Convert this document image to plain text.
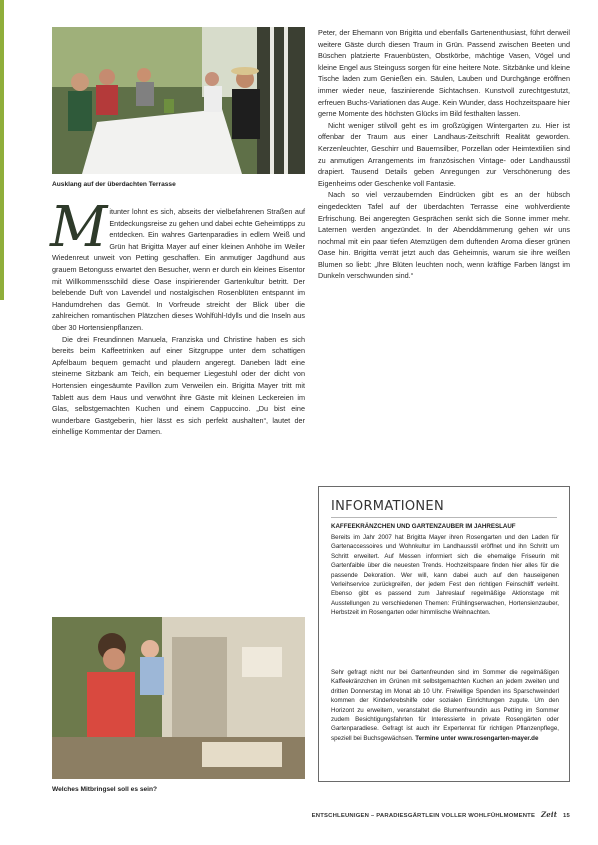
Ausklang auf der überdachten Terrasse

Mitunter lohnt es sich, abseits der vielbefahrenen Straßen auf Entdeckungsreise zu gehen und dabei echte Geheimtipps zu entdecken. Ein wahres Gartenparadies in edlem Weiß und Grün hat Brigitta Mayer auf einer kleinen Anhöhe im Weiler Wiedenreut unweit von Petting geschaffen. Ein anmutiger Jagdhund aus grauem Betonguss erwartet den Besucher, wenn er durch ein kleines Eisentor mit Willkommensschild diese Oase inspirierender Gartenkultur betritt. Der belebende Duft von Lavendel und nostalgischen Rosenblüten entspannt im Handumdrehen das Gemüt. In Vorfreude streicht der Blick über die zahlreichen romantischen Plätzchen dieses Wohlfühl-Idylls und die Inseln aus über 30 Hortensienpflanzen.

Die drei Freundinnen Manuela, Franziska und Christine haben es sich bereits beim Kaffeetrinken auf einer Sitzgruppe unter dem schattigen Apfelbaum bequem gemacht und plaudern angeregt. Daneben lädt eine steinerne Sitzbank am Teich, ein bequemer Liegestuhl oder der dicht von Hortensien eingesäumte Pavillon zum Verweilen ein. Brigitta Mayer tritt mit Tablett aus dem Haus und verwöhnt ihre Gäste mit kleinen Leckereien im Glas, selbstgemachten Kuchen und einem Cappuccino. „Du bist eine wunderbare Gastgeberin, hier lässt es sich perfekt aushalten“, lautet der einhellige Kommentar der Damen.

Welches Mitbringsel soll es sein?

Peter, der Ehemann von Brigitta und ebenfalls Gartenenthusiast, führt derweil weitere Gäste durch diesen Traum in Grün. Passend zwischen Beeten und Büschen platzierte Frauenbüsten, Obstkörbe, mächtige Vasen, Vögel und kleine Engel aus Steinguss sorgen für eine heitere Note. Sitzbänke und kleine Tische laden zum Genießen ein. Säulen, Lauben und Durchgänge eröffnen immer wieder neue, faszinierende Sichtachsen. Kunstvoll zurechtgestutzt, erfreuen Buchs-Variationen das Auge. Kein Wunder, dass Hochzeitspaare hier gerne Momente des höchsten Glücks im Bild festhalten lassen.

Nicht weniger stilvoll geht es im großzügigen Wintergarten zu. Hier ist offenbar der Traum aus einer Landhaus-Zeitschrift Realität geworden. Kerzenleuchter, Geschirr und Bauernsilber, Porzellan oder Heimtextilien sind zu anmutigen Arrangements im französischen Vintage- oder Landhausstil drapiert. Tausend Details geben Anregungen zur Verschönerung des Eigenheims oder Geschenke voll Fantasie.

Nach so viel verzaubernden Eindrücken gibt es an der hübsch eingedeckten Tafel auf der überdachten Terrasse eine wohlverdiente Erfrischung. Bei angeregten Gesprächen senkt sich die Sonne immer mehr. Laternen werden angezündet. In der Abenddämmerung gehen wir uns nochmal mit ein paar tiefen Atemzügen dem duftenden Aroma dieser grünen Oase hin. Brigitta verrät jetzt auch das Geheimnis, warum sie ihre weißen Blumen so liebt: „Ihre Blüten leuchten noch, wenn kräftige Farben längst im Dunkeln verschwunden sind.“

INFORMATIONEN
KAFFEEKRÄNZCHEN UND GARTENZAUBER IM JAHRESLAUF
Bereits im Jahr 2007 hat Brigitta Mayer ihren Rosengarten und den Laden für Gartenaccessoires und Wohnkultur im Landhausstil eröffnet und ihn Schritt um Schritt erweitert. Auf Messen informiert sich die ehemalige Friseurin mit Gartenfaible über die neuesten Trends. Hochzeitspaare finden hier alles für die passende Dekoration. Wer will, kann dabei auch auf den hauseigenen Verleihservice zurückgreifen, der jedem Fest den richtigen Feinschliff verleiht. Ebenso gibt es passend zum Jahreslauf regelmäßige Aktionstage mit Ausstellungen zu verschiedenen Themen: Frühlingserwachen, Hortensienzauber, Herbstzeit im Rosengarten oder himmlische Weihnachten.
Sehr gefragt nicht nur bei Gartenfreunden sind im Sommer die regelmäßigen Kaffeekränzchen im Grünen mit selbstgemachten Kuchen an jedem zweiten und dritten Donnerstag im Monat ab 10 Uhr. Freiwillige Spenden ins Sparschweinderl kommen der Kinderkrebshilfe oder sozialen Einrichtungen zugute. Um den Horizont zu erweitern, veranstaltet die Blumenfreundin aus Petting im Sommer zudem Besichtigungsfahrten für Interessierte in private Rosengärten oder Gartenparadiese. Gefragt ist auch ihr Expertenrat für richtigen Pflanzenpflege, speziell bei Buchsgewächsen. Termine unter www.rosengarten-mayer.de
ENTSCHLEUNIGEN – PARADIESGÄRTLEIN VOLLER WOHLFÜHLMOMENTE Zeit 15
